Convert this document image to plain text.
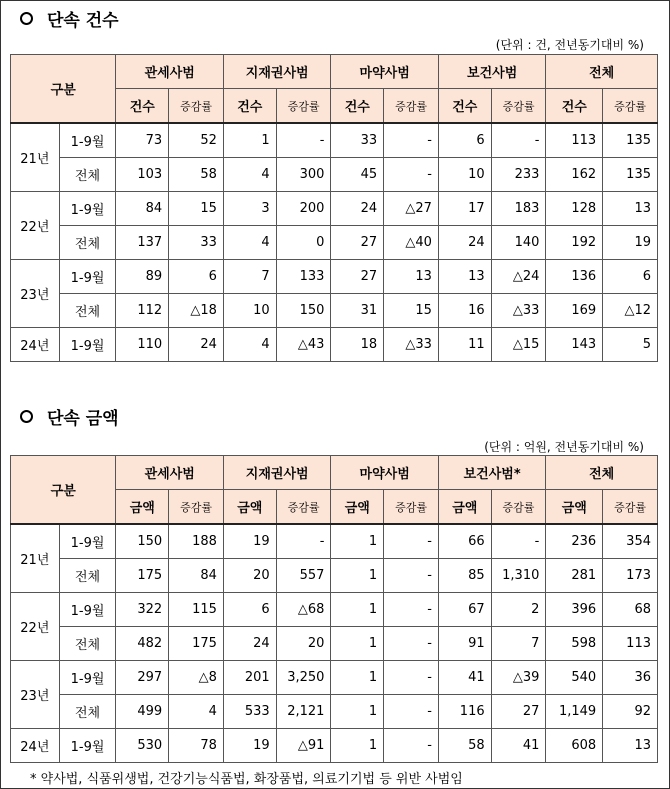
단속 건수
(단위 : 건, 전년동기대비 %)
구분		관세사범		지재권사범		마약사범		보건사범		전체	
		건수	증감률	건수	증감률	건수	증감률	건수	증감률	건수	증감률
21년	1-9월	73	52	1	-	33	-	6	-	113	135
	전체	103	58	4	300	45	-	10	233	162	135
22년	1-9월	84	15	3	200	24	△27	17	183	128	13
	전체	137	33	4	0	27	△40	24	140	192	19
23년	1-9월	89	6	7	133	27	13	13	△24	136	6
	전체	112	△18	10	150	31	15	16	△33	169	△12
24년	1-9월	110	24	4	△43	18	△33	11	△15	143	5
단속 금액
(단위 : 억원, 전년동기대비 %)
구분		관세사범		지재권사범		마약사범		보건사범*		전체	
		금액	증감률	금액	증감률	금액	증감률	금액	증감률	금액	증감률
21년	1-9월	150	188	19	-	1	-	66	-	236	354
	전체	175	84	20	557	1	-	85	1,310	281	173
22년	1-9월	322	115	6	△68	1	-	67	2	396	68
	전체	482	175	24	20	1	-	91	7	598	113
23년	1-9월	297	△8	201	3,250	1	-	41	△39	540	36
	전체	499	4	533	2,121	1	-	116	27	1,149	92
24년	1-9월	530	78	19	△91	1	-	58	41	608	13
* 약사법, 식품위생법, 건강기능식품법, 화장품법, 의료기기법 등 위반 사범임
